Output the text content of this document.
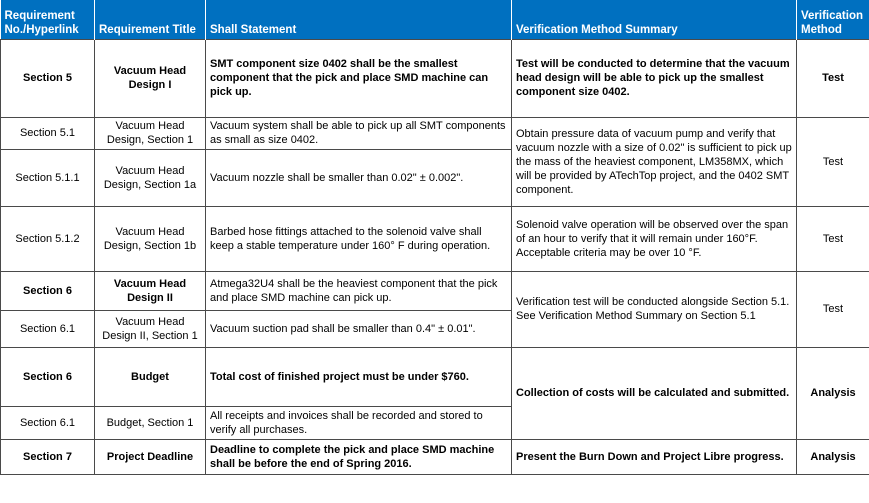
Requirement No./Hyperlink	Requirement Title	Shall Statement	Verification Method Summary	Verification Method
Section 5	Vacuum Head Design I	SMT component size 0402 shall be the smallest component that the pick and place SMD machine can pick up.	Test will be conducted to determine that the vacuum head design will be able to pick up the smallest component size 0402.	Test
Section 5.1	Vacuum Head Design, Section 1	Vacuum system shall be able to pick up all SMT components as small as size 0402.	Obtain pressure data of vacuum pump and verify that vacuum nozzle with a size of 0.02" is sufficient to pick up the mass of the heaviest component, LM358MX, which will be provided by ATechTop project, and the 0402 SMT component.	Test
Section 5.1.1	Vacuum Head Design, Section 1a	Vacuum nozzle shall be smaller than 0.02" ± 0.002".		
Section 5.1.2	Vacuum Head Design, Section 1b	Barbed hose fittings attached to the solenoid valve shall keep a stable temperature under 160° F during operation.	Solenoid valve operation will be observed over the span of an hour to verify that it will remain under 160°F. Acceptable criteria may be over 10 °F.	Test
Section 6	Vacuum Head Design II	Atmega32U4 shall be the heaviest component that the pick and place SMD machine can pick up.	Verification test will be conducted alongside Section 5.1. See Verification Method Summary on Section 5.1	Test
Section 6.1	Vacuum Head Design II, Section 1	Vacuum suction pad shall be smaller than 0.4" ± 0.01".		
Section 6	Budget	Total cost of finished project must be under $760.	Collection of costs will be calculated and submitted.	Analysis
Section 6.1	Budget, Section 1	All receipts and invoices shall be recorded and stored to verify all purchases.		
Section 7	Project Deadline	Deadline to complete the pick and place SMD machine shall be before the end of Spring 2016.	Present the Burn Down and Project Libre progress.	Analysis
